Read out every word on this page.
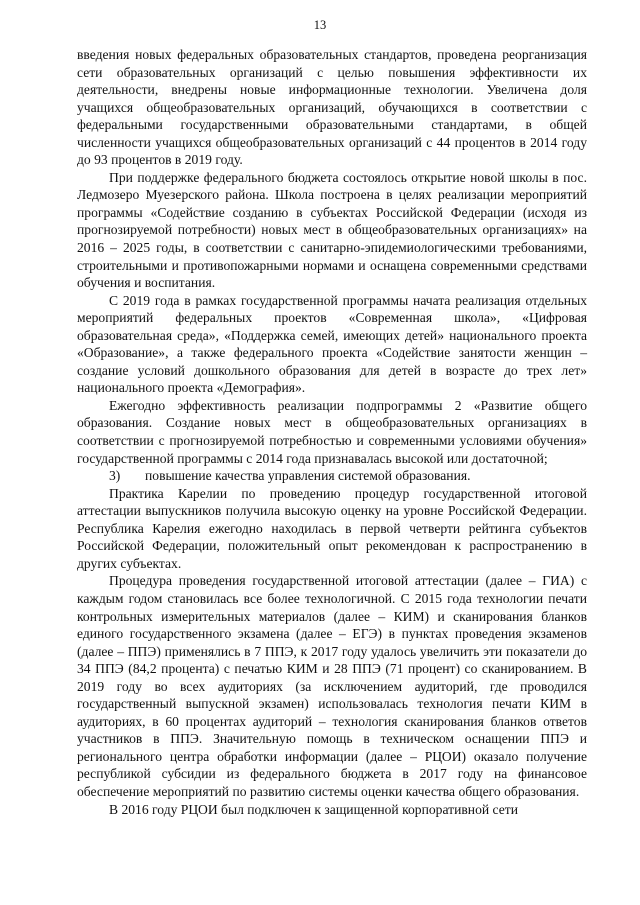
13

введения новых федеральных образовательных стандартов, проведена реорганизация сети образовательных организаций с целью повышения эффективности их деятельности, внедрены новые информационные технологии. Увеличена доля учащихся общеобразовательных организаций, обучающихся в соответствии с федеральными государственными образовательными стандартами, в общей численности учащихся общеобразовательных организаций с 44 процентов в 2014 году до 93 процентов в 2019 году.

При поддержке федерального бюджета состоялось открытие новой школы в пос. Ледмозеро Муезерского района. Школа построена в целях реализации мероприятий программы «Содействие созданию в субъектах Российской Федерации (исходя из прогнозируемой потребности) новых мест в общеобразовательных организациях» на 2016 – 2025 годы, в соответствии с санитарно-эпидемиологическими требованиями, строительными и противопожарными нормами и оснащена современными средствами обучения и воспитания.

С 2019 года в рамках государственной программы начата реализация отдельных мероприятий федеральных проектов «Современная школа», «Цифровая образовательная среда», «Поддержка семей, имеющих детей» национального проекта «Образование», а также федерального проекта «Содействие занятости женщин – создание условий дошкольного образования для детей в возрасте до трех лет» национального проекта «Демография».

Ежегодно эффективность реализации подпрограммы 2 «Развитие общего образования. Создание новых мест в общеобразовательных организациях в соответствии с прогнозируемой потребностью и современными условиями обучения» государственной программы с 2014 года признавалась высокой или достаточной;

3)	повышение качества управления системой образования.

Практика Карелии по проведению процедур государственной итоговой аттестации выпускников получила высокую оценку на уровне Российской Федерации. Республика Карелия ежегодно находилась в первой четверти рейтинга субъектов Российской Федерации, положительный опыт рекомендован к распространению в других субъектах.

Процедура проведения государственной итоговой аттестации (далее – ГИА) с каждым годом становилась все более технологичной. С 2015 года технологии печати контрольных измерительных материалов (далее – КИМ) и сканирования бланков единого государственного экзамена (далее – ЕГЭ) в пунктах проведения экзаменов (далее – ППЭ) применялись в 7 ППЭ, к 2017 году удалось увеличить эти показатели до 34 ППЭ (84,2 процента) с печатью КИМ и 28 ППЭ (71 процент) со сканированием. В 2019 году во всех аудиториях (за исключением аудиторий, где проводился государственный выпускной экзамен) использовалась технология печати КИМ в аудиториях, в 60 процентах аудиторий – технология сканирования бланков ответов участников в ППЭ. Значительную помощь в техническом оснащении ППЭ и регионального центра обработки информации (далее – РЦОИ) оказало получение республикой субсидии из федерального бюджета в 2017 году на финансовое обеспечение мероприятий по развитию системы оценки качества общего образования.

В 2016 году РЦОИ был подключен к защищенной корпоративной сети
